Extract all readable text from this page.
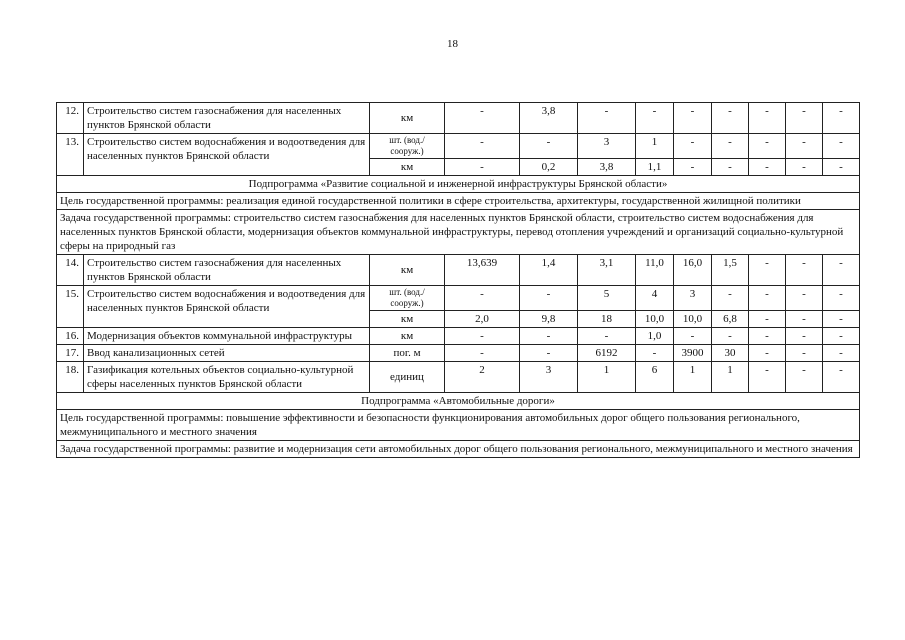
18
12.	Строительство систем газоснабжения для населенных пунктов Брянской области	км	-	3,8	-	-	-	-	-	-	-
13.	Строительство систем водоснабжения и водоотведения для населенных пунктов Брянской области	шт. (вод./сооруж.)	-	-	3	1	-	-	-	-	-
		км	-	0,2	3,8	1,1	-	-	-	-	-
Подпрограмма «Развитие социальной и инженерной инфраструктуры Брянской области»											
Цель государственной программы: реализация единой государственной политики в сфере строительства, архитектуры, государственной жилищной политики											
Задача государственной программы: строительство систем газоснабжения для населенных пунктов Брянской области, строительство систем водоснабжения для населенных пунктов Брянской области, модернизация объектов коммунальной инфраструктуры, перевод отопления учреждений и организаций социально-культурной сферы на природный газ											
14.	Строительство систем газоснабжения для населенных пунктов Брянской области	км	13,639	1,4	3,1	11,0	16,0	1,5	-	-	-
15.	Строительство систем водоснабжения и водоотведения для населенных пунктов Брянской области	шт. (вод./сооруж.)	-	-	5	4	3	-	-	-	-
		км	2,0	9,8	18	10,0	10,0	6,8	-	-	-
16.	Модернизация объектов коммунальной инфраструктуры	км	-	-	-	1,0	-	-	-	-	-
17.	Ввод канализационных сетей	пог. м	-	-	6192	-	3900	30	-	-	-
18.	Газификация котельных объектов социально-культурной сферы населенных пунктов Брянской области	единиц	2	3	1	6	1	1	-	-	-
Подпрограмма «Автомобильные дороги»											
Цель государственной программы: повышение эффективности и безопасности функционирования автомобильных дорог общего пользования регионального, межмуниципального и местного значения											
Задача государственной программы: развитие и модернизация сети автомобильных дорог общего пользования регионального, межмуниципального и местного значения											
